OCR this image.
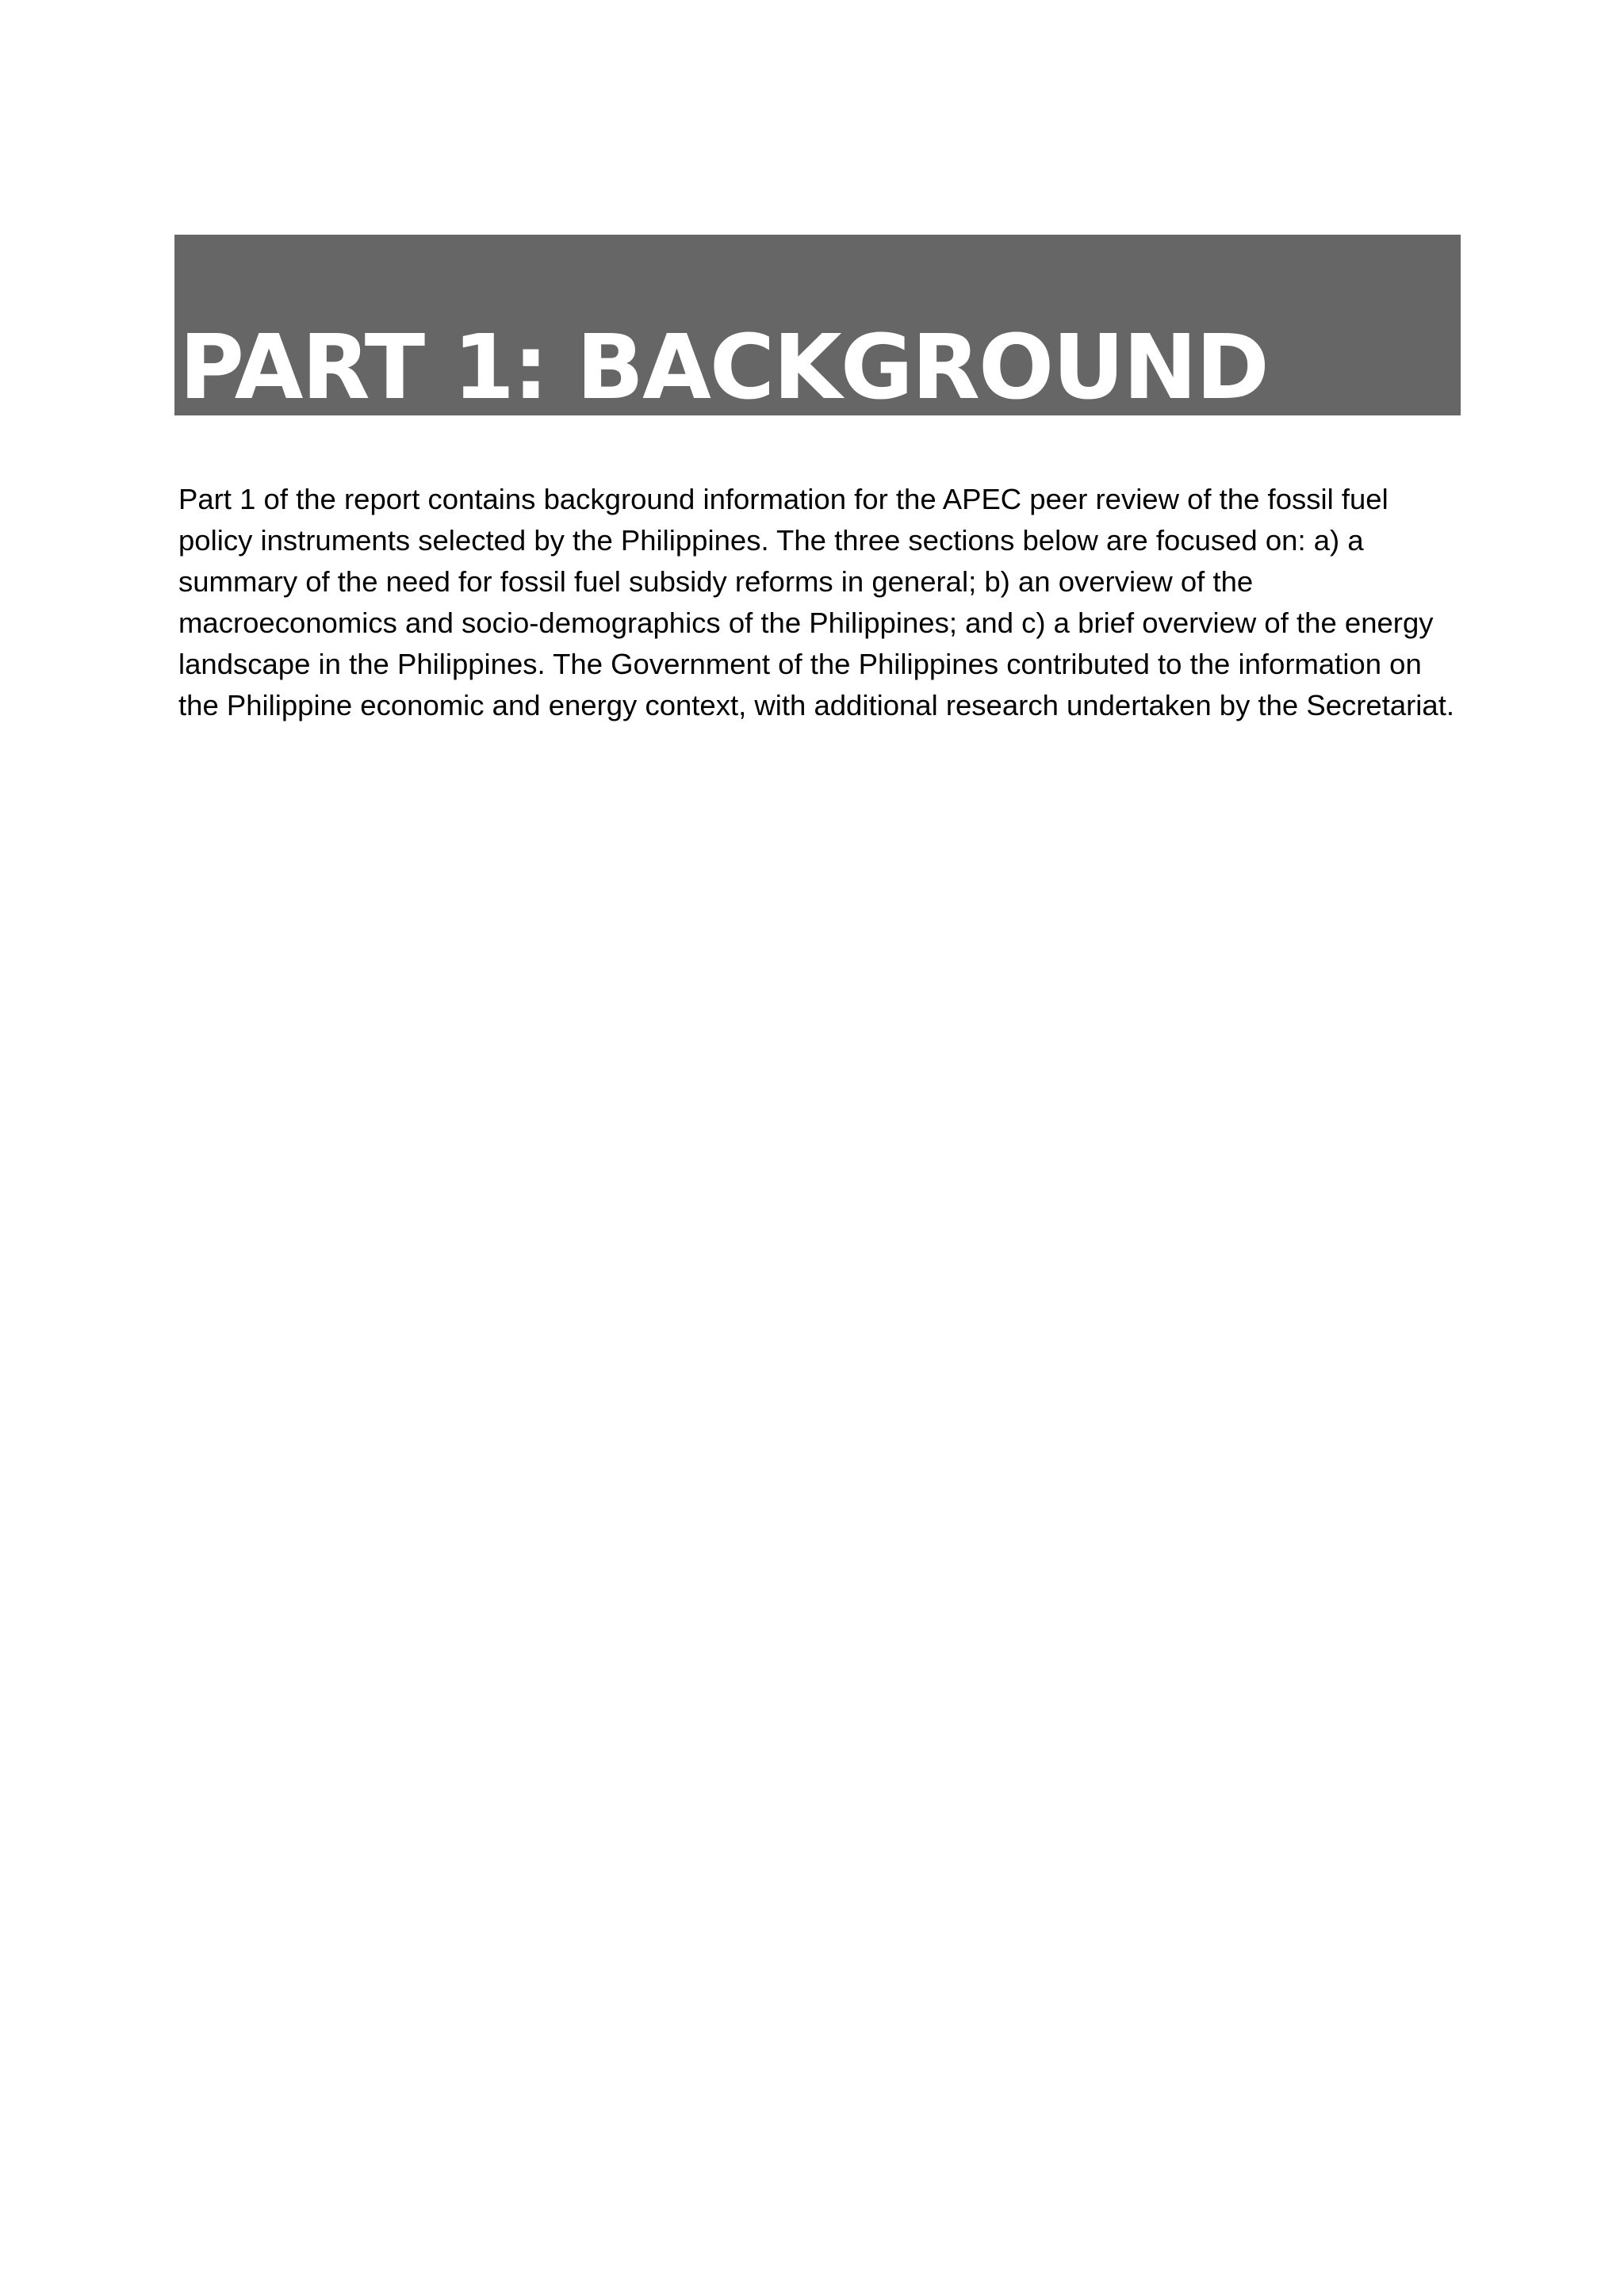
PART 1: BACKGROUND

Part 1 of the report contains background information for the APEC peer review of the fossil fuel policy instruments selected by the Philippines. The three sections below are focused on: a) a summary of the need for fossil fuel subsidy reforms in general; b) an overview of the macroeconomics and socio-demographics of the Philippines; and c) a brief overview of the energy landscape in the Philippines. The Government of the Philippines contributed to the information on the Philippine economic and energy context, with additional research undertaken by the Secretariat.
